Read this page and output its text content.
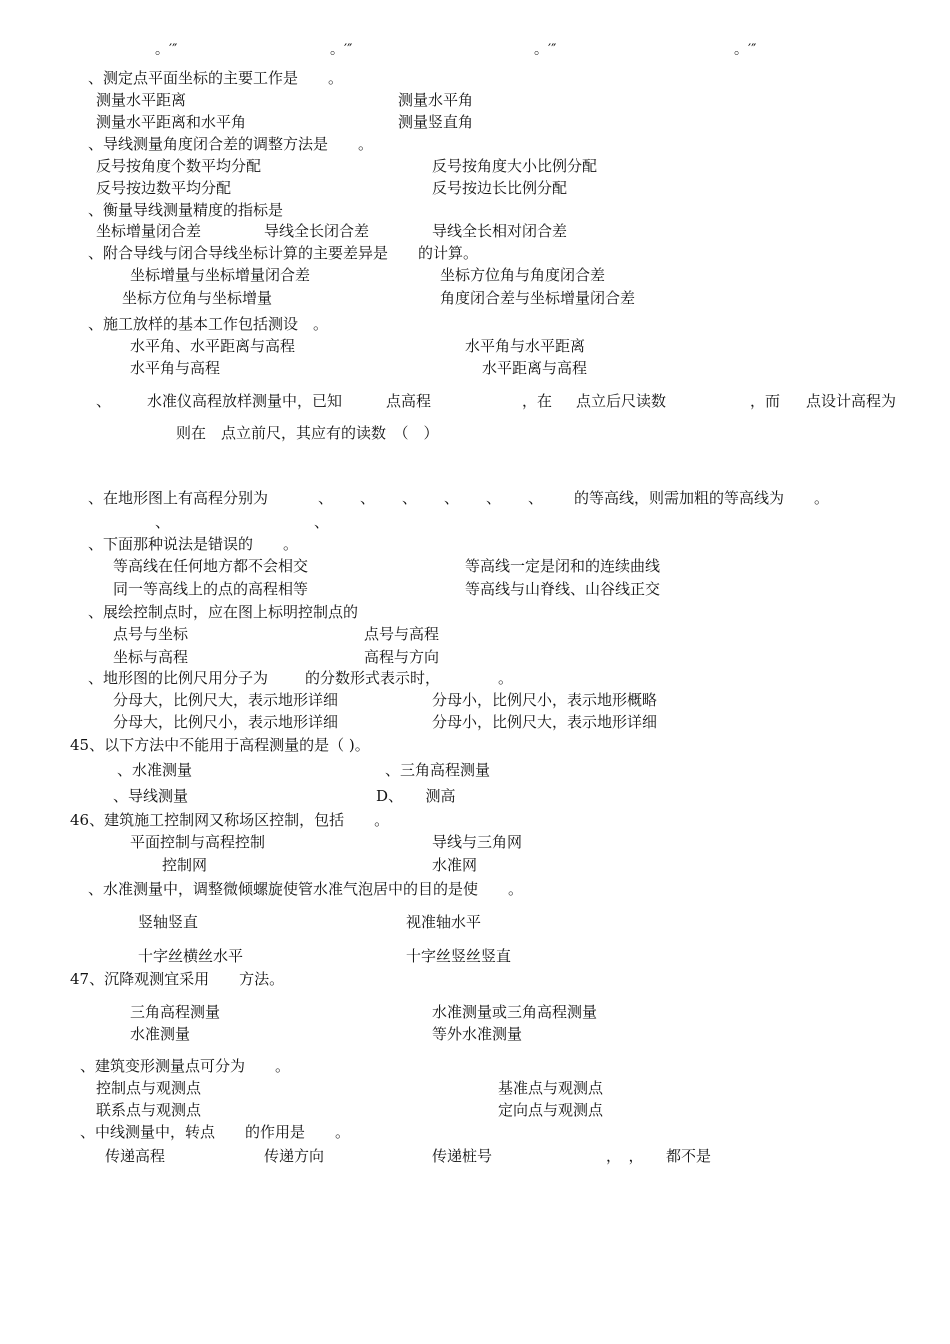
。′″	。′″	。′″	。′″
、测定点平面坐标的主要工作是　　。
测量水平距离	测量水平角
测量水平距离和水平角	测量竖直角
、导线测量角度闭合差的调整方法是　　。
反号按角度个数平均分配	反号按角度大小比例分配
反号按边数平均分配	反号按边长比例分配
、衡量导线测量精度的指标是
坐标增量闭合差	导线全长闭合差	导线全长相对闭合差
、附合导线与闭合导线坐标计算的主要差异是　　的计算。
坐标增量与坐标增量闭合差	坐标方位角与角度闭合差
坐标方位角与坐标增量	角度闭合差与坐标增量闭合差
、施工放样的基本工作包括测设　。
水平角、水平距离与高程	水平角与水平距离
水平角与高程	水平距离与高程
、 水准仪高程放样测量中，已知	点高程	，在 点立后尺读数	，而 点设计高程为
则在　点立前尺，其应有的读数　（　）
、在地形图上有高程分别为	、 、 、 、 、 、 的等高线，则需加粗的等高线为　　。
、	、
、下面那种说法是错误的　　。
等高线在任何地方都不会相交	等高线一定是闭和的连续曲线
同一等高线上的点的高程相等	等高线与山脊线、山谷线正交
、展绘控制点时，应在图上标明控制点的
点号与坐标	点号与高程
坐标与高程	高程与方向
、地形图的比例尺用分子为 的分数形式表示时，	。
分母大，比例尺大，表示地形详细	分母小，比例尺小，表示地形概略
分母大，比例尺小，表示地形详细	分母小，比例尺大，表示地形详细
45、以下方法中不能用于高程测量的是（ )。
、水准测量	、三角高程测量
、导线测量	D、　　测高
46、建筑施工控制网又称场区控制，包括　　。
平面控制与高程控制	导线与三角网
控制网	水准网
、水准测量中，调整微倾螺旋使管水准气泡居中的目的是使　　。
竖轴竖直	视准轴水平
十字丝横丝水平	十字丝竖丝竖直
47、沉降观测宜采用　　方法。
三角高程测量	水准测量或三角高程测量
水准测量	等外水准测量
、建筑变形测量点可分为　　。
控制点与观测点	基准点与观测点
联系点与观测点	定向点与观测点
、中线测量中，转点　　的作用是　　。
传递高程	传递方向	传递桩号	，　，　　都不是
